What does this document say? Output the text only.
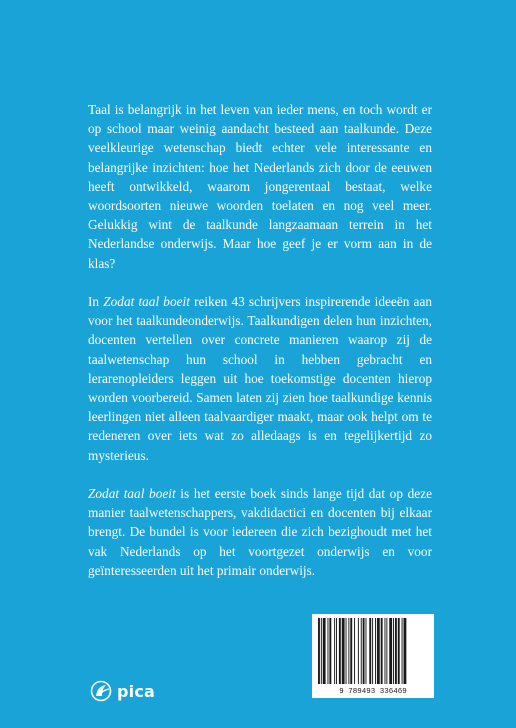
Taal is belangrijk in het leven van ieder mens, en toch wordt er op school maar weinig aandacht besteed aan taalkunde. Deze veelkleurige wetenschap biedt echter vele interessante en belangrijke inzichten: hoe het Nederlands zich door de eeuwen heeft ontwikkeld, waarom jongerentaal bestaat, welke woordsoorten nieuwe woorden toelaten en nog veel meer. Gelukkig wint de taalkunde langzaamaan terrein in het Nederlandse onderwijs. Maar hoe geef je er vorm aan in de klas?

In Zodat taal boeit reiken 43 schrijvers inspirerende ideeën aan voor het taalkundeonderwijs. Taalkundigen delen hun inzichten, docenten vertellen over concrete manieren waarop zij de taalwetenschap hun school in hebben gebracht en lerarenopleiders leggen uit hoe toekomstige docenten hierop worden voorbereid. Samen laten zij zien hoe taalkundige kennis leerlingen niet alleen taalvaardiger maakt, maar ook helpt om te redeneren over iets wat zo alledaags is en tegelijkertijd zo mysterieus.

Zodat taal boeit is het eerste boek sinds lange tijd dat op deze manier taalwetenschappers, vakdidactici en docenten bij elkaar brengt. De bundel is voor iedereen die zich bezighoudt met het vak Nederlands op het voortgezet onderwijs en voor geïnteresseerden uit het primair onderwijs.

9 789493 336469
pica
